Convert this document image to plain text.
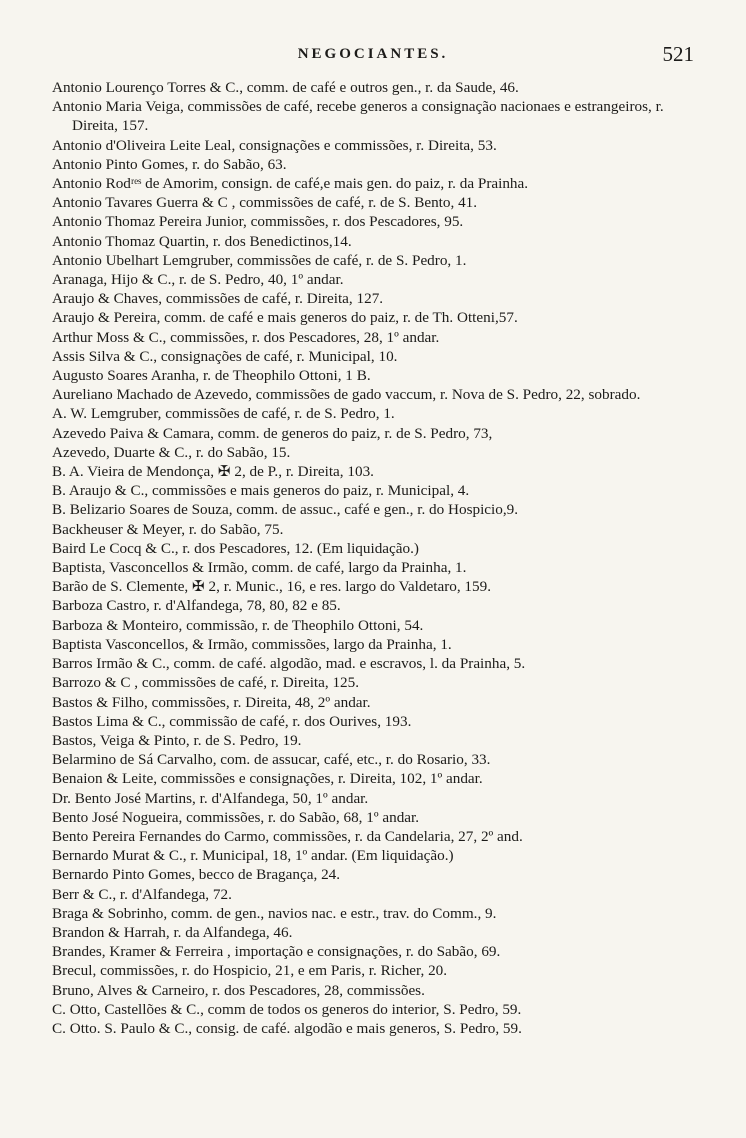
NEGOCIANTES.	521
Antonio Lourenço Torres & C., comm. de café e outros gen., r. da Saude, 46.
Antonio Maria Veiga, commissões de café, recebe generos a consignação nacionaes e estrangeiros, r. Direita, 157.
Antonio d'Oliveira Leite Leal, consignações e commissões, r. Direita, 53.
Antonio Pinto Gomes, r. do Sabão, 63.
Antonio Rodʳᵉˢ de Amorim, consign. de café,e mais gen. do paiz, r. da Prainha.
Antonio Tavares Guerra & C , commissões de café, r. de S. Bento, 41.
Antonio Thomaz Pereira Junior, commissões, r. dos Pescadores, 95.
Antonio Thomaz Quartin, r. dos Benedictinos,14.
Antonio Ubelhart Lemgruber, commissões de café, r. de S. Pedro, 1.
Aranaga, Hijo & C., r. de S. Pedro, 40, 1º andar.
Araujo & Chaves, commissões de café, r. Direita, 127.
Araujo & Pereira, comm. de café e mais generos do paiz, r. de Th. Otteni,57.
Arthur Moss & C., commissões, r. dos Pescadores, 28, 1º andar.
Assis Silva & C., consignações de café, r. Municipal, 10.
Augusto Soares Aranha, r. de Theophilo Ottoni, 1 B.
Aureliano Machado de Azevedo, commissões de gado vaccum, r. Nova de S. Pedro, 22, sobrado.
A. W. Lemgruber, commissões de café, r. de S. Pedro, 1.
Azevedo Paiva & Camara, comm. de generos do paiz, r. de S. Pedro, 73,
Azevedo, Duarte & C., r. do Sabão, 15.
B. A. Vieira de Mendonça, ✠ 2, de P., r. Direita, 103.
B. Araujo & C., commissões e mais generos do paiz, r. Municipal, 4.
B. Belizario Soares de Souza, comm. de assuc., café e gen., r. do Hospicio,9.
Backheuser & Meyer, r. do Sabão, 75.
Baird Le Cocq & C., r. dos Pescadores, 12. (Em liquidação.)
Baptista, Vasconcellos & Irmão, comm. de café, largo da Prainha, 1.
Barão de S. Clemente, ✠ 2, r. Munic., 16, e res. largo do Valdetaro, 159.
Barboza Castro, r. d'Alfandega, 78, 80, 82 e 85.
Barboza & Monteiro, commissão, r. de Theophilo Ottoni, 54.
Baptista Vasconcellos, & Irmão, commissões, largo da Prainha, 1.
Barros Irmão & C., comm. de café. algodão, mad. e escravos, l. da Prainha, 5.
Barrozo & C , commissões de café, r. Direita, 125.
Bastos & Filho, commissões, r. Direita, 48, 2º andar.
Bastos Lima & C., commissão de café, r. dos Ourives, 193.
Bastos, Veiga & Pinto, r. de S. Pedro, 19.
Belarmino de Sá Carvalho, com. de assucar, café, etc., r. do Rosario, 33.
Benaion & Leite, commissões e consignações, r. Direita, 102, 1º andar.
Dr. Bento José Martins, r. d'Alfandega, 50, 1º andar.
Bento José Nogueira, commissões, r. do Sabão, 68, 1º andar.
Bento Pereira Fernandes do Carmo, commissões, r. da Candelaria, 27, 2º and.
Bernardo Murat & C., r. Municipal, 18, 1º andar. (Em liquidação.)
Bernardo Pinto Gomes, becco de Bragança, 24.
Berr & C., r. d'Alfandega, 72.
Braga & Sobrinho, comm. de gen., navios nac. e estr., trav. do Comm., 9.
Brandon & Harrah, r. da Alfandega, 46.
Brandes, Kramer & Ferreira , importação e consignações, r. do Sabão, 69.
Brecul, commissões, r. do Hospicio, 21, e em Paris, r. Richer, 20.
Bruno, Alves & Carneiro, r. dos Pescadores, 28, commissões.
C. Otto, Castellões & C., comm de todos os generos do interior, S. Pedro, 59.
C. Otto. S. Paulo & C., consig. de café. algodão e mais generos, S. Pedro, 59.
